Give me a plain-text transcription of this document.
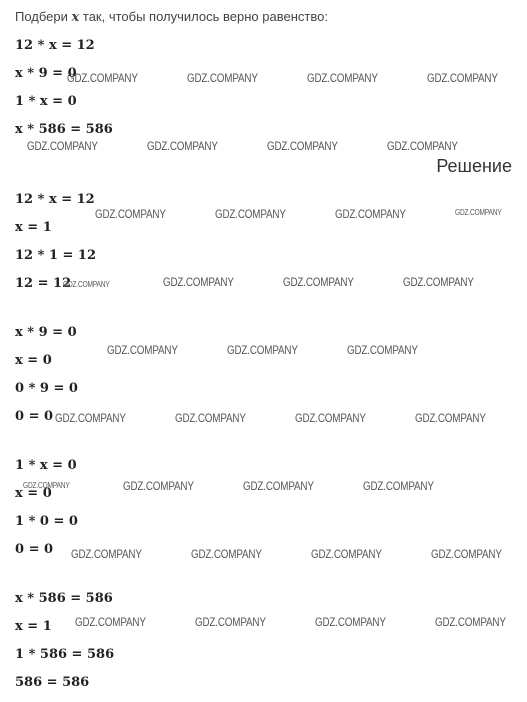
Подбери x так, чтобы получилось верно равенство:
12 * x = 12
x * 9 = 0
1 * x = 0
x * 586 = 586
Решение
12 * x = 12
x = 1
12 * 1 = 12
12 = 12
x * 9 = 0
x = 0
0 * 9 = 0
0 = 0
1 * x = 0
x = 0
1 * 0 = 0
0 = 0
x * 586 = 586
x = 1
1 * 586 = 586
586 = 586
GDZ.COMPANY	GDZ.COMPANY	GDZ.COMPANY	GDZ.COMPANY
GDZ.COMPANY	GDZ.COMPANY	GDZ.COMPANY	GDZ.COMPANY
GDZ.COMPANY	GDZ.COMPANY	GDZ.COMPANY	GDZ.COMPANY
GDZ.COMPANY	GDZ.COMPANY	GDZ.COMPANY	GDZ.COMPANY
GDZ.COMPANY	GDZ.COMPANY	GDZ.COMPANY
GDZ.COMPANY	GDZ.COMPANY	GDZ.COMPANY	GDZ.COMPANY
GDZ.COMPANY	GDZ.COMPANY	GDZ.COMPANY	GDZ.COMPANY
GDZ.COMPANY	GDZ.COMPANY	GDZ.COMPANY	GDZ.COMPANY
GDZ.COMPANY	GDZ.COMPANY	GDZ.COMPANY	GDZ.COMPANY
